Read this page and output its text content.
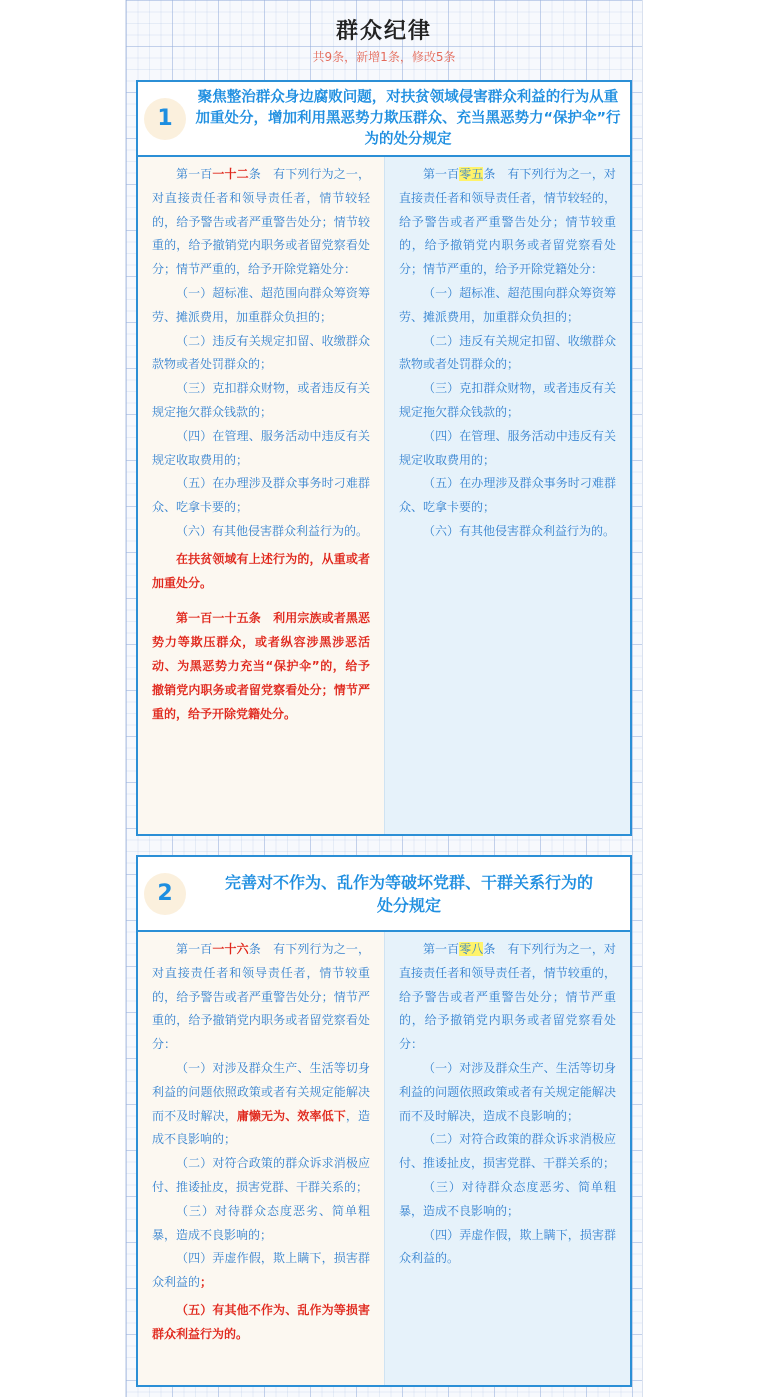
群众纪律
共9条，新增1条，修改5条
1
聚焦整治群众身边腐败问题，对扶贫领域侵害群众利益的行为从重加重处分，增加利用黑恶势力欺压群众、充当黑恶势力“保护伞”行为的处分规定

第一百一十二条　 有下列行为之一，对直接责任者和领导责任者，情节较轻的，给予警告或者严重警告处分；情节较重的，给予撤销党内职务或者留党察看处分；情节严重的，给予开除党籍处分：

（一）超标准、超范围向群众筹资筹劳、摊派费用，加重群众负担的；

（二）违反有关规定扣留、收缴群众款物或者处罚群众的；

（三）克扣群众财物，或者违反有关规定拖欠群众钱款的；

（四）在管理、服务活动中违反有关规定收取费用的；

（五）在办理涉及群众事务时刁难群众、吃拿卡要的；

（六）有其他侵害群众利益行为的。

在扶贫领域有上述行为的，从重或者加重处分。

第一百一十五条　 利用宗族或者黑恶势力等欺压群众，或者纵容涉黑涉恶活动、为黑恶势力充当“保护伞”的，给予撤销党内职务或者留党察看处分；情节严重的，给予开除党籍处分。

第一百零五条　 有下列行为之一，对直接责任者和领导责任者，情节较轻的，给予警告或者严重警告处分；情节较重的，给予撤销党内职务或者留党察看处分；情节严重的，给予开除党籍处分：

（一）超标准、超范围向群众筹资筹劳、摊派费用，加重群众负担的；

（二）违反有关规定扣留、收缴群众款物或者处罚群众的；

（三）克扣群众财物，或者违反有关规定拖欠群众钱款的；

（四）在管理、服务活动中违反有关规定收取费用的；

（五）在办理涉及群众事务时刁难群众、吃拿卡要的；

（六）有其他侵害群众利益行为的。

2	完善对不作为、乱作为等破坏党群、干群关系行为的处分规定

第一百一十六条　 有下列行为之一，对直接责任者和领导责任者，情节较重的，给予警告或者严重警告处分；情节严重的，给予撤销党内职务或者留党察看处分：

（一）对涉及群众生产、生活等切身利益的问题依照政策或者有关规定能解决而不及时解决，庸懒无为、效率低下，造成不良影响的；

（二）对符合政策的群众诉求消极应付、推诿扯皮，损害党群、干群关系的；

（三）对待群众态度恶劣、简单粗暴，造成不良影响的；

（四）弄虚作假，欺上瞒下，损害群众利益的；

（五）有其他不作为、乱作为等损害群众利益行为的。

第一百零八条　 有下列行为之一，对直接责任者和领导责任者，情节较重的，给予警告或者严重警告处分；情节严重的，给予撤销党内职务或者留党察看处分：

（一）对涉及群众生产、生活等切身利益的问题依照政策或者有关规定能解决而不及时解决，造成不良影响的；

（二）对符合政策的群众诉求消极应付、推诿扯皮，损害党群、干群关系的；

（三）对待群众态度恶劣、简单粗暴，造成不良影响的；

（四）弄虚作假，欺上瞒下，损害群众利益的。
